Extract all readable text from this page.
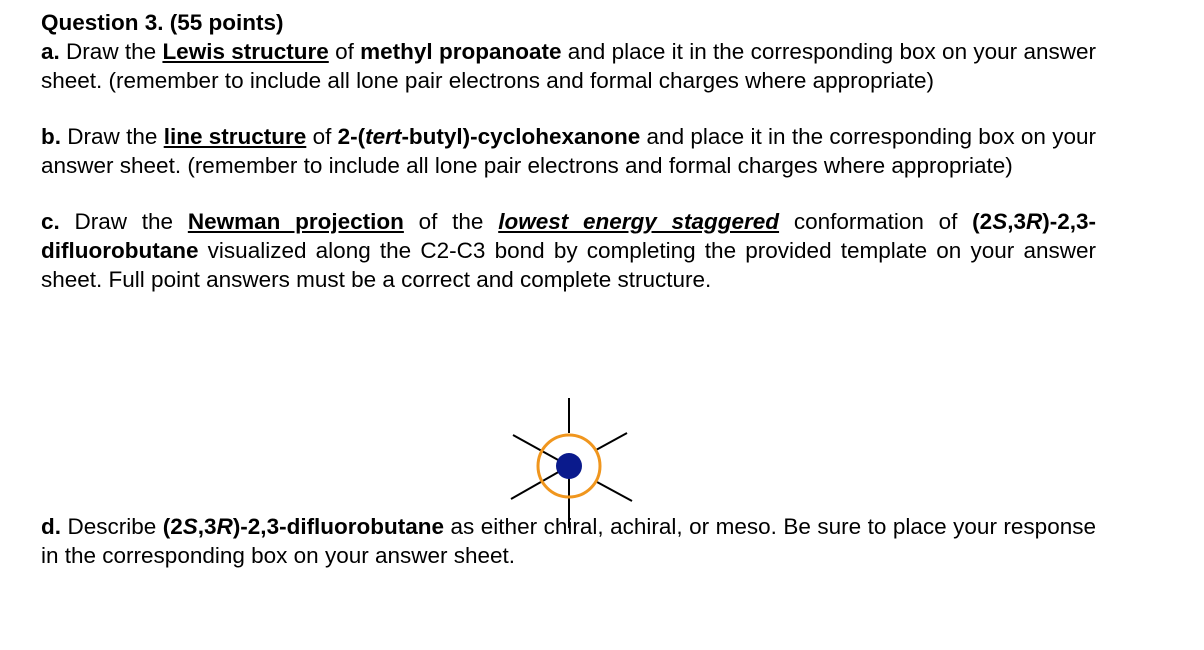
Question 3. (55 points)

a. Draw the Lewis structure of methyl propanoate and place it in the corresponding box on your answer sheet. (remember to include all lone pair electrons and formal charges where appropriate)

b. Draw the line structure of 2-(tert-butyl)-cyclohexanone and place it in the corresponding box on your answer sheet. (remember to include all lone pair electrons and formal charges where appropriate)

c. Draw the Newman projection of the lowest energy staggered conformation of (2S,3R)-2,3-difluorobutane visualized along the C2-C3 bond by completing the provided template on your answer sheet. Full point answers must be a correct and complete structure.

d. Describe (2S,3R)-2,3-difluorobutane as either chiral, achiral, or meso. Be sure to place your response in the corresponding box on your answer sheet.
